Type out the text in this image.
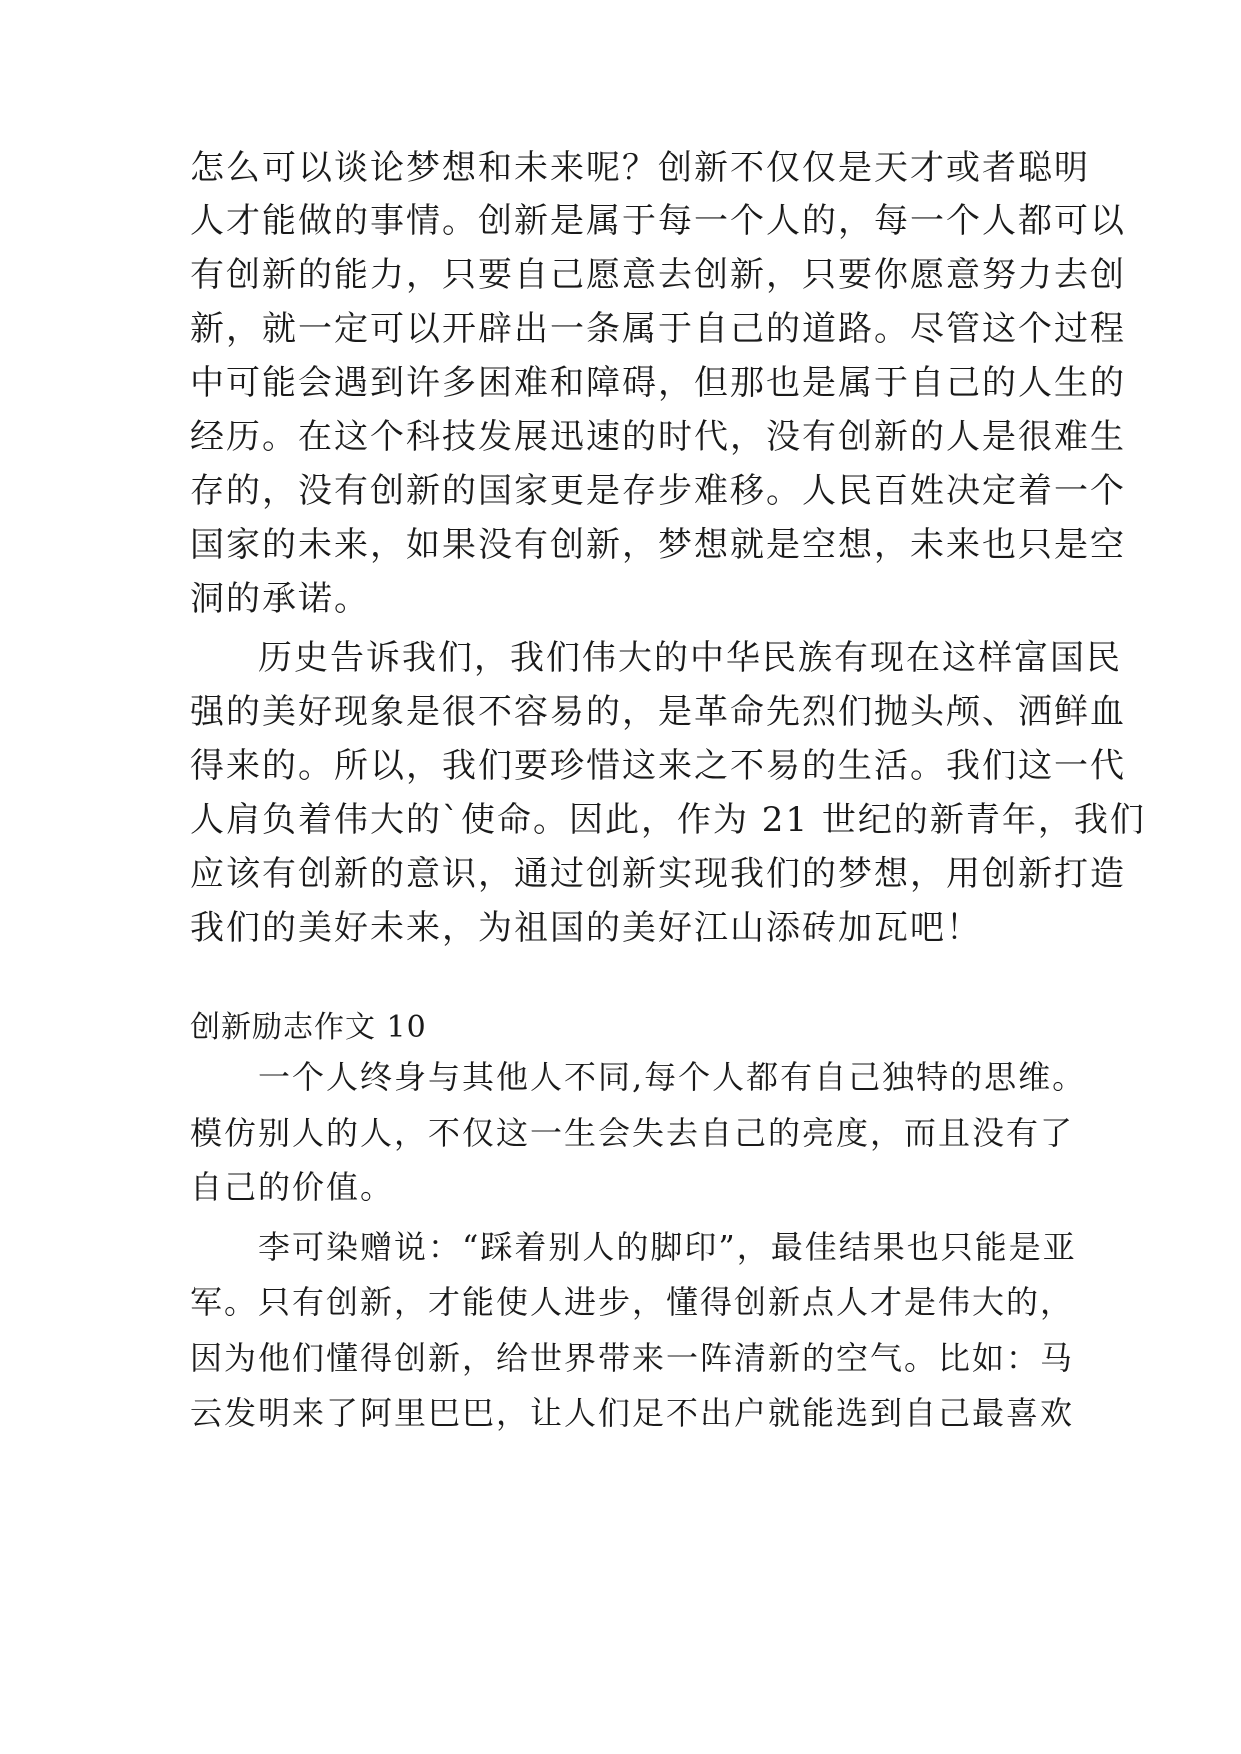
怎么可以谈论梦想和未来呢？创新不仅仅是天才或者聪明
人才能做的事情。创新是属于每一个人的，每一个人都可以
有创新的能力，只要自己愿意去创新，只要你愿意努力去创
新，就一定可以开辟出一条属于自己的道路。尽管这个过程
中可能会遇到许多困难和障碍，但那也是属于自己的人生的
经历。在这个科技发展迅速的时代，没有创新的人是很难生
存的，没有创新的国家更是存步难移。人民百姓决定着一个
国家的未来，如果没有创新，梦想就是空想，未来也只是空
洞的承诺。
历史告诉我们，我们伟大的中华民族有现在这样富国民
强的美好现象是很不容易的，是革命先烈们抛头颅、洒鲜血
得来的。所以，我们要珍惜这来之不易的生活。我们这一代
人肩负着伟大的`使命。因此，作为 21 世纪的新青年，我们
应该有创新的意识，通过创新实现我们的梦想，用创新打造
我们的美好未来，为祖国的美好江山添砖加瓦吧！
创新励志作文 10
一个人终身与其他人不同,每个人都有自己独特的思维。
模仿别人的人，不仅这一生会失去自己的亮度，而且没有了
自己的价值。
李可染赠说：“踩着别人的脚印”，最佳结果也只能是亚
军。只有创新，才能使人进步，懂得创新点人才是伟大的，
因为他们懂得创新，给世界带来一阵清新的空气。比如：马
云发明来了阿里巴巴，让人们足不出户就能选到自己最喜欢
